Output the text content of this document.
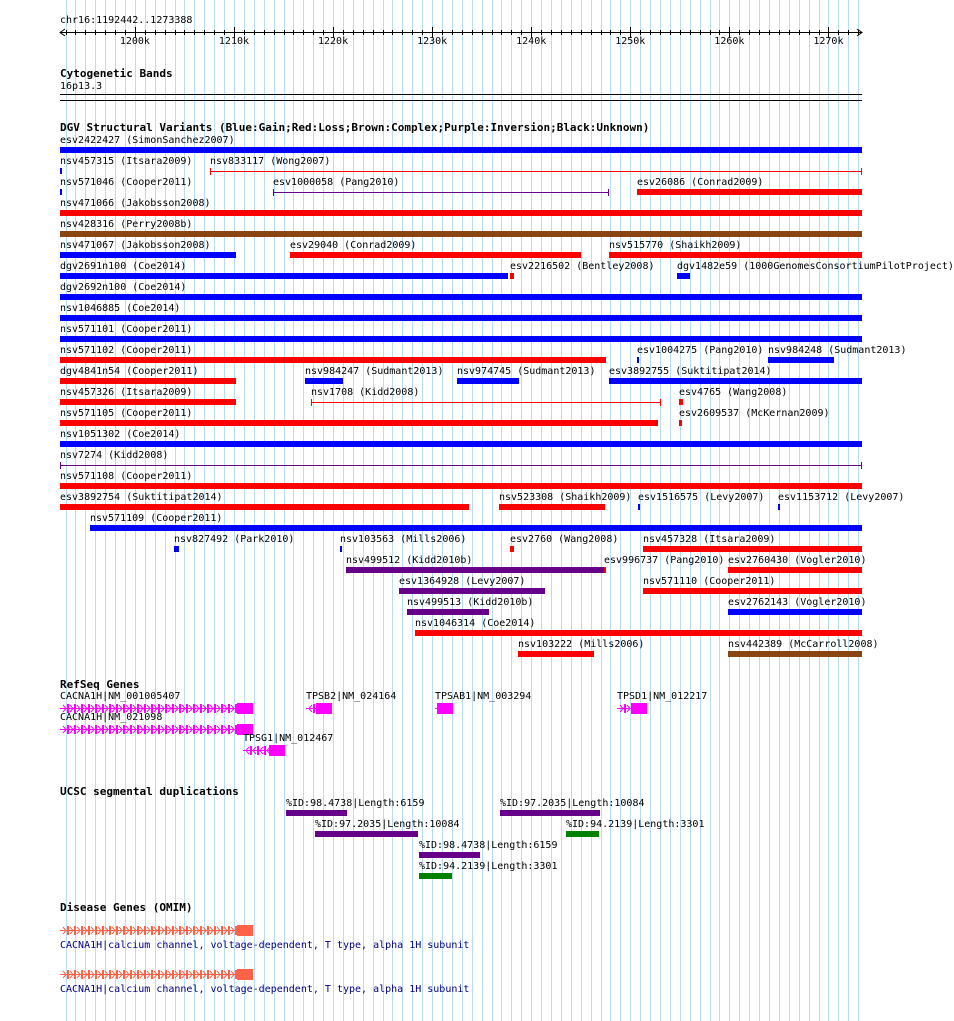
chr16:1192442..1273388
1200k	1210k	1220k	1230k	1240k	1250k	1260k	1270k
Cytogenetic Bands
16p13.3
DGV Structural Variants (Blue:Gain;Red:Loss;Brown:Complex;Purple:Inversion;Black:Unknown)
esv2422427 (SimonSanchez2007)
nsv457315 (Itsara2009) nsv833117 (Wong2007)
nsv571046 (Cooper2011)	esv1000058 (Pang2010)	esv26086 (Conrad2009)
nsv471066 (Jakobsson2008)
nsv428316 (Perry2008b)
nsv471067 (Jakobsson2008)	esv29040 (Conrad2009)	nsv515770 (Shaikh2009)
dgv2691n100 (Coe2014)	esv2216502 (Bentley2008) dgv1482e59 (1000GenomesConsortiumPilotProject)
dgv2692n100 (Coe2014)
nsv1046885 (Coe2014)
nsv571101 (Cooper2011)
nsv571102 (Cooper2011)	esv1004275 (Pang2010) nsv984248 (Sudmant2013)
dgv4841n54 (Cooper2011)	nsv984247 (Sudmant2013) nsv974745 (Sudmant2013) esv3892755 (Suktitipat2014)
nsv457326 (Itsara2009)	nsv1708 (Kidd2008)	esv4765 (Wang2008)
nsv571105 (Cooper2011)	esv2609537 (McKernan2009)
nsv1051302 (Coe2014)
nsv7274 (Kidd2008)
nsv571108 (Cooper2011)
esv3892754 (Suktitipat2014)	nsv523308 (Shaikh2009) esv1516575 (Levy2007) esv1153712 (Levy2007)
nsv571109 (Cooper2011)
nsv827492 (Park2010)	nsv103563 (Mills2006)	esv2760 (Wang2008) nsv457328 (Itsara2009)
nsv499512 (Kidd2010b)	esv996737 (Pang2010) esv2760430 (Vogler2010)
esv1364928 (Levy2007)	nsv571110 (Cooper2011)
nsv499513 (Kidd2010b)	esv2762143 (Vogler2010)
nsv1046314 (Coe2014)
nsv103222 (Mills2006)	nsv442389 (McCarroll2008)
RefSeq Genes
CACNA1H|NM_001005407	TPSB2|NM_024164	TPSAB1|NM_003294	TPSD1|NM_012217
CACNA1H|NM_021098
TPSG1|NM_012467
UCSC segmental duplications
%ID:98.4738|Length:6159	%ID:97.2035|Length:10084
%ID:97.2035|Length:10084	%ID:94.2139|Length:3301
%ID:98.4738|Length:6159
%ID:94.2139|Length:3301
Disease Genes (OMIM)
CACNA1H|calcium channel, voltage-dependent, T type, alpha 1H subunit
CACNA1H|calcium channel, voltage-dependent, T type, alpha 1H subunit
